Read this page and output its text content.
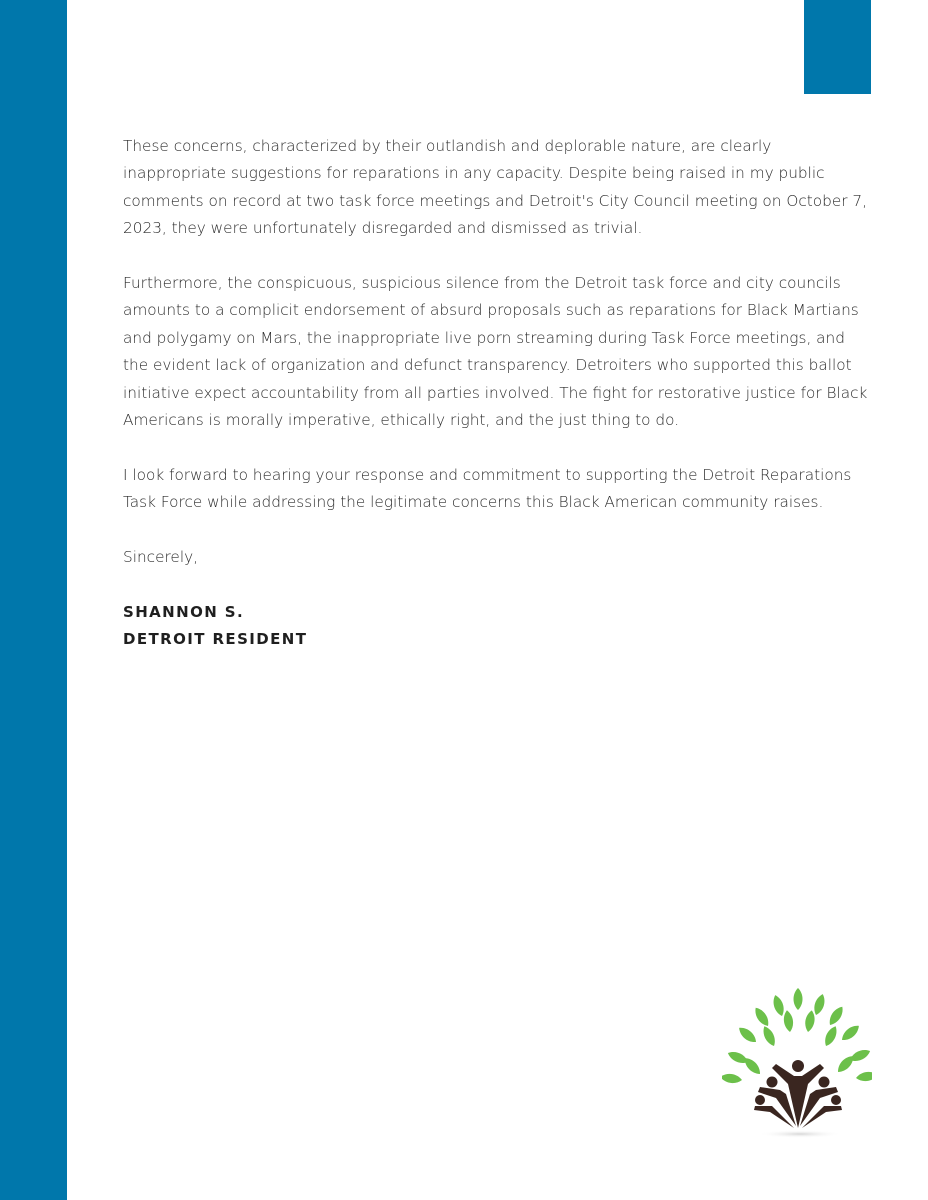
These concerns, characterized by their outlandish and deplorable nature, are clearly inappropriate suggestions for reparations in any capacity. Despite being raised in my public comments on record at two task force meetings and Detroit's City Council meeting on October 7, 2023, they were unfortunately disregarded and dismissed as trivial.

Furthermore, the conspicuous, suspicious silence from the Detroit task force and city councils amounts to a complicit endorsement of absurd proposals such as reparations for Black Martians and polygamy on Mars, the inappropriate live porn streaming during Task Force meetings, and the evident lack of organization and defunct transparency. Detroiters who supported this ballot initiative expect accountability from all parties involved. The fight for restorative justice for Black Americans is morally imperative, ethically right, and the just thing to do.

I look forward to hearing your response and commitment to supporting the Detroit Reparations Task Force while addressing the legitimate concerns this Black American community raises.

Sincerely,

SHANNON S.
DETROIT RESIDENT
